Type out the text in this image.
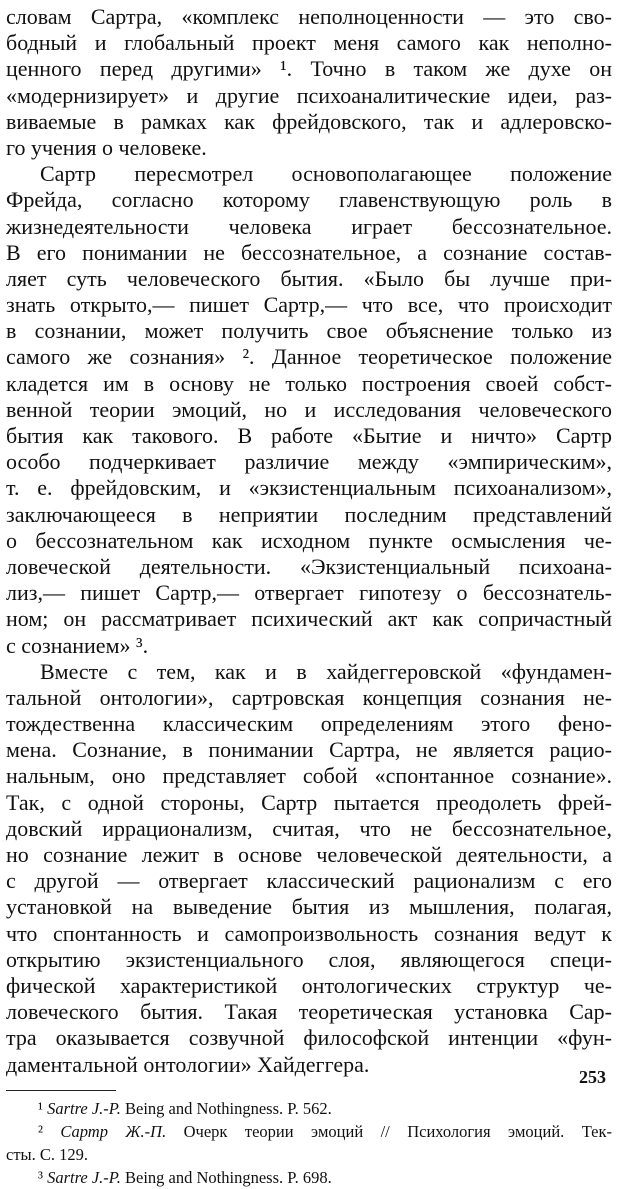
словам Сартра, «комплекс неполноценности — это сво-
бодный и глобальный проект меня самого как неполно-
ценного перед другими» ¹. Точно в таком же духе он
«модернизирует» и другие психоаналитические идеи, раз-
виваемые в рамках как фрейдовского, так и адлеровско-
го учения о человеке.
Сартр пересмотрел основополагающее положение
Фрейда, согласно которому главенствующую роль в
жизнедеятельности человека играет бессознательное.
В его понимании не бессознательное, а сознание состав-
ляет суть человеческого бытия. «Было бы лучше при-
знать открыто,— пишет Сартр,— что все, что происходит
в сознании, может получить свое объяснение только из
самого же сознания» ². Данное теоретическое положение
кладется им в основу не только построения своей собст-
венной теории эмоций, но и исследования человеческого
бытия как такового. В работе «Бытие и ничто» Сартр
особо подчеркивает различие между «эмпирическим»,
т. е. фрейдовским, и «экзистенциальным психоанализом»,
заключающееся в неприятии последним представлений
о бессознательном как исходном пункте осмысления че-
ловеческой деятельности. «Экзистенциальный психоана-
лиз,— пишет Сартр,— отвергает гипотезу о бессознатель-
ном; он рассматривает психический акт как сопричастный
с сознанием» ³.
Вместе с тем, как и в хайдеггеровской «фундамен-
тальной онтологии», сартровская концепция сознания не-
тождественна классическим определениям этого фено-
мена. Сознание, в понимании Сартра, не является рацио-
нальным, оно представляет собой «спонтанное сознание».
Так, с одной стороны, Сартр пытается преодолеть фрей-
довский иррационализм, считая, что не бессознательное,
но сознание лежит в основе человеческой деятельности, а
с другой — отвергает классический рационализм с его
установкой на выведение бытия из мышления, полагая,
что спонтанность и самопроизвольность сознания ведут к
открытию экзистенциального слоя, являющегося специ-
фической характеристикой онтологических структур че-
ловеческого бытия. Такая теоретическая установка Сар-
тра оказывается созвучной философской интенции «фун-
даментальной онтологии» Хайдеггера.
¹ Sartre J.-P. Being and Nothingness. P. 562.
² Сартр Ж.-П. Очерк теории эмоций // Психология эмоций. Тек-
сты. С. 129.
³ Sartre J.-P. Being and Nothingness. P. 698.
253
